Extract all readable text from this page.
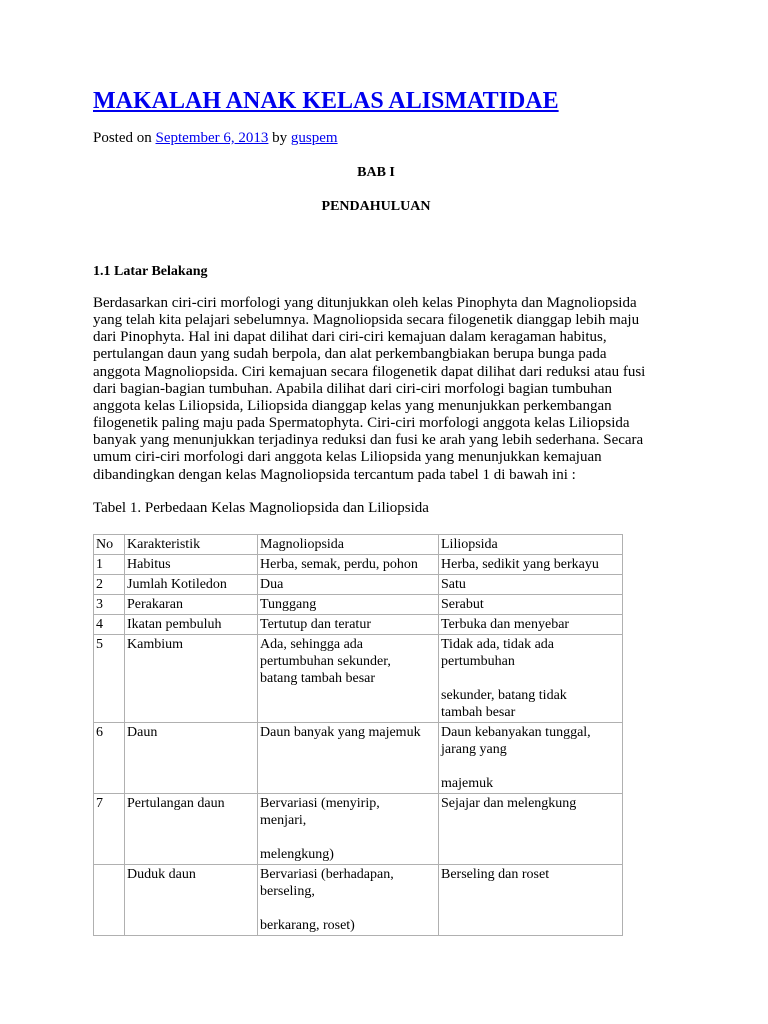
MAKALAH ANAK KELAS ALISMATIDAE
Posted on September 6, 2013 by guspem
BAB I
PENDAHULUAN
1.1 Latar Belakang

Berdasarkan ciri-ciri morfologi yang ditunjukkan oleh kelas Pinophyta dan Magnoliopsida
yang telah kita pelajari sebelumnya. Magnoliopsida secara filogenetik dianggap lebih maju
dari Pinophyta. Hal ini dapat dilihat dari ciri-ciri kemajuan dalam keragaman habitus,
pertulangan daun yang sudah berpola, dan alat perkembangbiakan berupa bunga pada
anggota Magnoliopsida. Ciri kemajuan secara filogenetik dapat dilihat dari reduksi atau fusi
dari bagian-bagian tumbuhan. Apabila dilihat dari ciri-ciri morfologi bagian tumbuhan
anggota kelas Liliopsida, Liliopsida dianggap kelas yang menunjukkan perkembangan
filogenetik paling maju pada Spermatophyta. Ciri-ciri morfologi anggota kelas Liliopsida
banyak yang menunjukkan terjadinya reduksi dan fusi ke arah yang lebih sederhana. Secara
umum ciri-ciri morfologi dari anggota kelas Liliopsida yang menunjukkan kemajuan
dibandingkan dengan kelas Magnoliopsida tercantum pada tabel 1 di bawah ini :

Tabel 1. Perbedaan Kelas Magnoliopsida dan Liliopsida
No	Karakteristik	Magnoliopsida	Liliopsida
1	Habitus	Herba, semak, perdu, pohon	Herba, sedikit yang berkayu
2	Jumlah Kotiledon	Dua	Satu
3	Perakaran	Tunggang	Serabut
4	Ikatan pembuluh	Tertutup dan teratur	Terbuka dan menyebar
5	Kambium	Ada, sehingga ada
pertumbuhan sekunder,
batang tambah besar	Tidak ada, tidak ada
pertumbuhan
sekunder, batang tidak
tambah besar

6	Daun	Daun banyak yang majemuk	Daun kebanyakan tunggal,
jarang yang
majemuk

7	Pertulangan daun	Bervariasi (menyirip,
menjari,
melengkung)	Sejajar dan melengkung
	Duduk daun	Bervariasi (berhadapan,
berseling,
berkarang, roset)	Berseling dan roset
